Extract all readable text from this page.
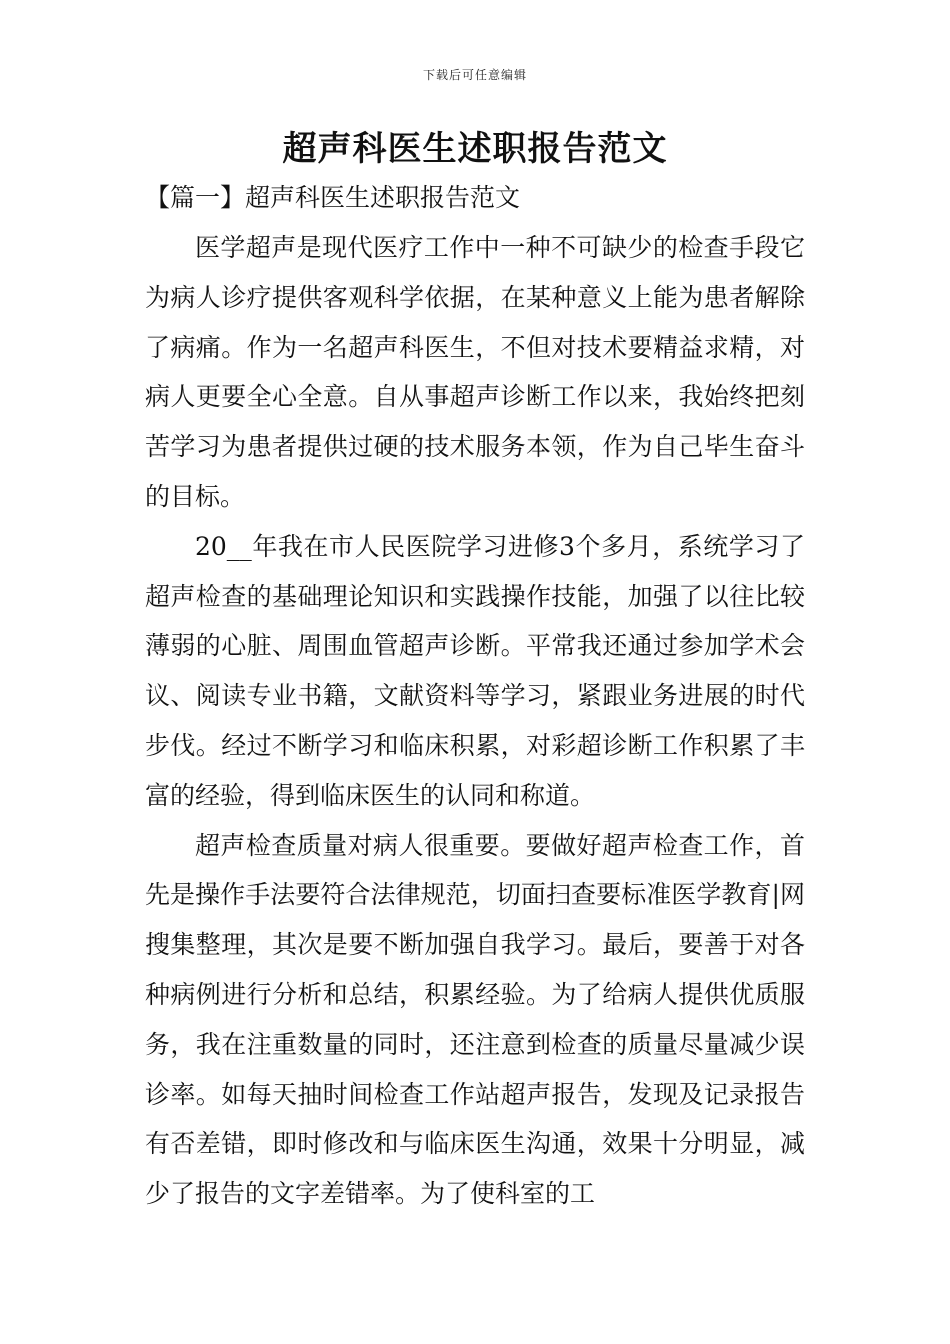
下载后可任意编辑
超声科医生述职报告范文
【篇一】超声科医生述职报告范文

医学超声是现代医疗工作中一种不可缺少的检查手段它为病人诊疗提供客观科学依据，在某种意义上能为患者解除了病痛。作为一名超声科医生，不但对技术要精益求精，对病人更要全心全意。自从事超声诊断工作以来，我始终把刻苦学习为患者提供过硬的技术服务本领，作为自己毕生奋斗的目标。

20__年我在市人民医院学习进修3个多月，系统学习了超声检查的基础理论知识和实践操作技能，加强了以往比较薄弱的心脏、周围血管超声诊断。平常我还通过参加学术会议、阅读专业书籍，文献资料等学习，紧跟业务进展的时代步伐。经过不断学习和临床积累，对彩超诊断工作积累了丰富的经验，得到临床医生的认同和称道。

超声检查质量对病人很重要。要做好超声检查工作，首先是操作手法要符合法律规范，切面扫查要标准医学教育|网搜集整理，其次是要不断加强自我学习。最后，要善于对各种病例进行分析和总结，积累经验。为了给病人提供优质服务，我在注重数量的同时，还注意到检查的质量尽量减少误诊率。如每天抽时间检查工作站超声报告，发现及记录报告有否差错，即时修改和与临床医生沟通，效果十分明显，减少了报告的文字差错率。为了使科室的工
